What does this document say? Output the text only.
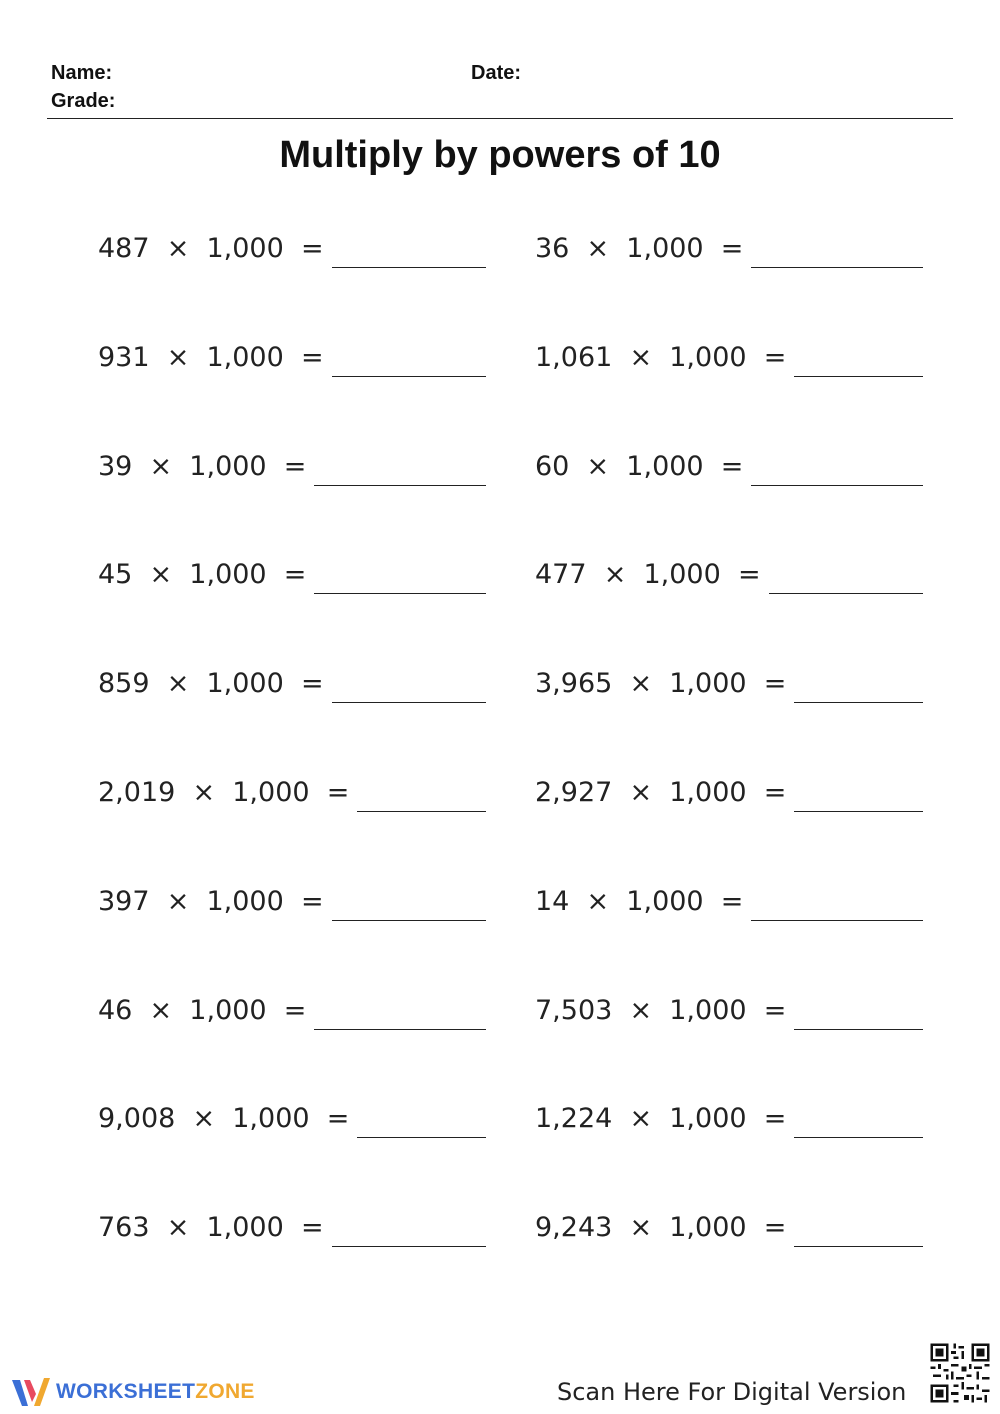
Name:
Grade:
Date:
Multiply by powers of 10
487  ×  1,000  =	36  ×  1,000  =
931  ×  1,000  =	1,061  ×  1,000  =
39  ×  1,000  =	60  ×  1,000  =
45  ×  1,000  =	477  ×  1,000  =
859  ×  1,000  =	3,965  ×  1,000  =
2,019  ×  1,000  =	2,927  ×  1,000  =
397  ×  1,000  =	14  ×  1,000  =
46  ×  1,000  =	7,503  ×  1,000  =
9,008  ×  1,000  =	1,224  ×  1,000  =
763  ×  1,000  =	9,243  ×  1,000  =
WORKSHEETZONE	Scan Here For Digital Version
